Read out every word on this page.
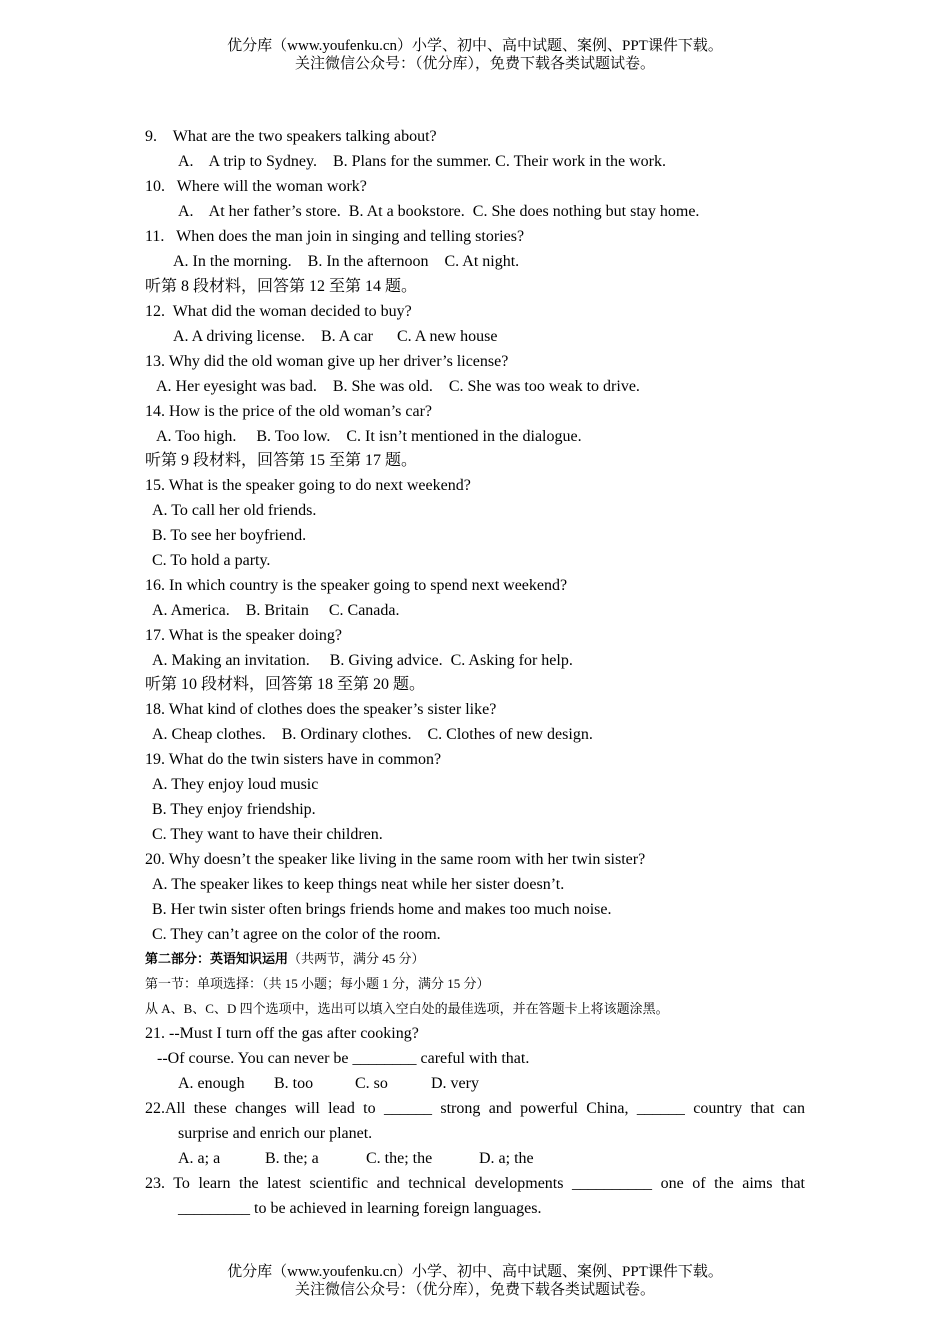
优分库（www.youfenku.cn）小学、初中、高中试题、案例、PPT课件下载。
关注微信公众号：（优分库），免费下载各类试题试卷。
9.    What are the two speakers talking about?
A.    A trip to Sydney.    B. Plans for the summer. C. Their work in the work.
10.   Where will the woman work?
A.    At her father’s store.  B. At a bookstore.  C. She does nothing but stay home.
11.   When does the man join in singing and telling stories?
A. In the morning.    B. In the afternoon    C. At night.
听第 8 段材料，回答第 12 至第 14 题。
12.  What did the woman decided to buy?
A. A driving license.    B. A car      C. A new house
13. Why did the old woman give up her driver’s license?
A. Her eyesight was bad.    B. She was old.    C. She was too weak to drive.
14. How is the price of the old woman’s car?
A. Too high.     B. Too low.    C. It isn’t mentioned in the dialogue.
听第 9 段材料，回答第 15 至第 17 题。
15. What is the speaker going to do next weekend?
A. To call her old friends.
B. To see her boyfriend.
C. To hold a party.
16. In which country is the speaker going to spend next weekend?
A. America.    B. Britain     C. Canada.
17. What is the speaker doing?
A. Making an invitation.     B. Giving advice.  C. Asking for help.
听第 10 段材料，回答第 18 至第 20 题。
18. What kind of clothes does the speaker’s sister like?
A. Cheap clothes.    B. Ordinary clothes.    C. Clothes of new design.
19. What do the twin sisters have in common?
A. They enjoy loud music
B. They enjoy friendship.
C. They want to have their children.
20. Why doesn’t the speaker like living in the same room with her twin sister?
A. The speaker likes to keep things neat while her sister doesn’t.
B. Her twin sister often brings friends home and makes too much noise.
C. They can’t agree on the color of the room.
第二部分：英语知识运用（共两节，满分 45 分）
第一节：单项选择：（共 15 小题；每小题 1 分，满分 15 分）
从 A、B、C、D 四个选项中，选出可以填入空白处的最佳选项，并在答题卡上将该题涂黑。
21. --Must I turn off the gas after cooking?
--Of course. You can never be ________ careful with that.
A. enough B. too	C. so	D. very
22.All these changes will lead to ______ strong and powerful China, ______ country that can
surprise and enrich our planet.
A. a; a	B. the; a	C. the; the	D. a; the
23. To learn the latest scientific and technical developments __________ one of the aims that
_________ to be achieved in learning foreign languages.
优分库（www.youfenku.cn）小学、初中、高中试题、案例、PPT课件下载。
关注微信公众号：（优分库），免费下载各类试题试卷。
